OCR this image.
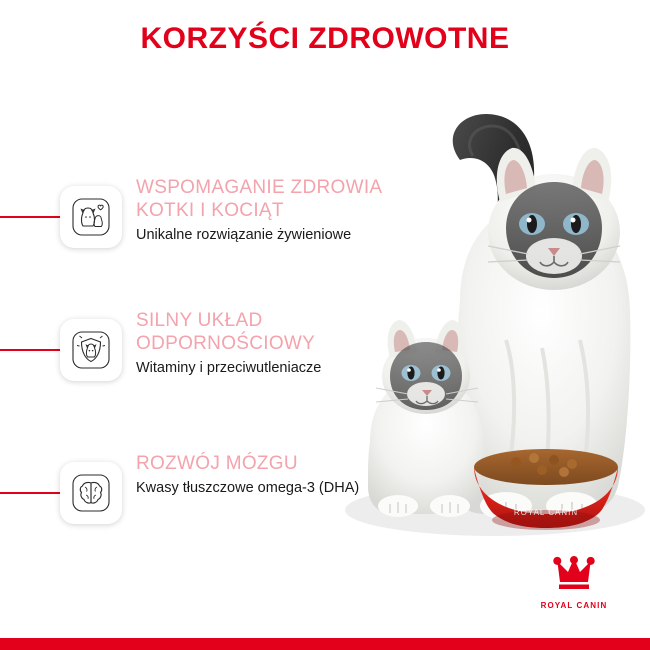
KORZYŚCI ZDROWOTNE
ROYAL CANIN

WSPOMAGANIE ZDROWIA KOTKI I KOCIĄT

Unikalne rozwiązanie żywieniowe

SILNY UKŁAD ODPORNOŚCIOWY

Witaminy i przeciwutleniacze

ROZWÓJ MÓZGU

Kwasy tłuszczowe omega-3 (DHA)

ROYAL CANIN
